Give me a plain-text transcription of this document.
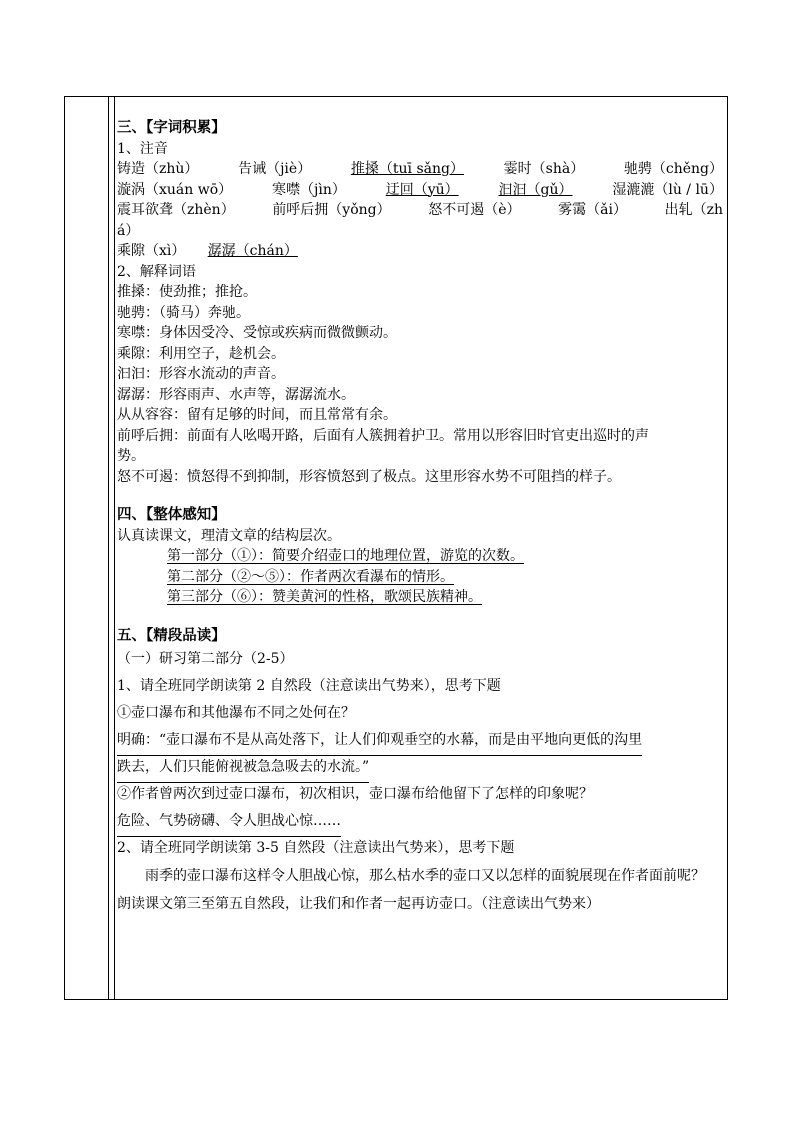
三、【字词积累】
1、注音
铸造（zhù）	告诫（jiè）	推搡（tuī sǎng）	霎时（shà）	驰骋（chěng）
漩涡（xuán wō）	寒噤（jìn）	迂回（yū）	汩汩（gǔ）	湿漉漉（lù / lū）
震耳欲聋（zhèn）	前呼后拥（yǒng）	怒不可遏（è）	雾霭（ǎi）	出轧（zh
á）
乘隙（xì） 潺潺（chán）
2、解释词语
推搡：使劲推；推抢。
驰骋：（骑马）奔驰。
寒噤：身体因受冷、受惊或疾病而微微颤动。
乘隙：利用空子，趁机会。
汩汩：形容水流动的声音。
潺潺：形容雨声、水声等，潺潺流水。
从从容容：留有足够的时间，而且常常有余。
前呼后拥：前面有人吆喝开路，后面有人簇拥着护卫。常用以形容旧时官吏出巡时的声
势。
怒不可遏：愤怒得不到抑制，形容愤怒到了极点。这里形容水势不可阻挡的样子。
四、【整体感知】
认真读课文，理清文章的结构层次。
第一部分（①）：简要介绍壶口的地理位置，游览的次数。
第二部分（②～⑤）：作者两次看瀑布的情形。
第三部分（⑥）：赞美黄河的性格，歌颂民族精神。
五、【精段品读】
（一）研习第二部分（2-5）
1、请全班同学朗读第 2 自然段（注意读出气势来），思考下题
①壶口瀑布和其他瀑布不同之处何在？
明确：“壶口瀑布不是从高处落下，让人们仰观垂空的水幕，而是由平地向更低的沟里
跌去，人们只能俯视被急急吸去的水流。”
②作者曾两次到过壶口瀑布，初次相识，壶口瀑布给他留下了怎样的印象呢？
危险、气势磅礴、令人胆战心惊……
2、请全班同学朗读第 3-5 自然段（注意读出气势来），思考下题
雨季的壶口瀑布这样令人胆战心惊，那么枯水季的壶口又以怎样的面貌展现在作者面前呢？ 朗读课文第三至第五自然段，让我们和作者一起再访壶口。（注意读出气势来）
